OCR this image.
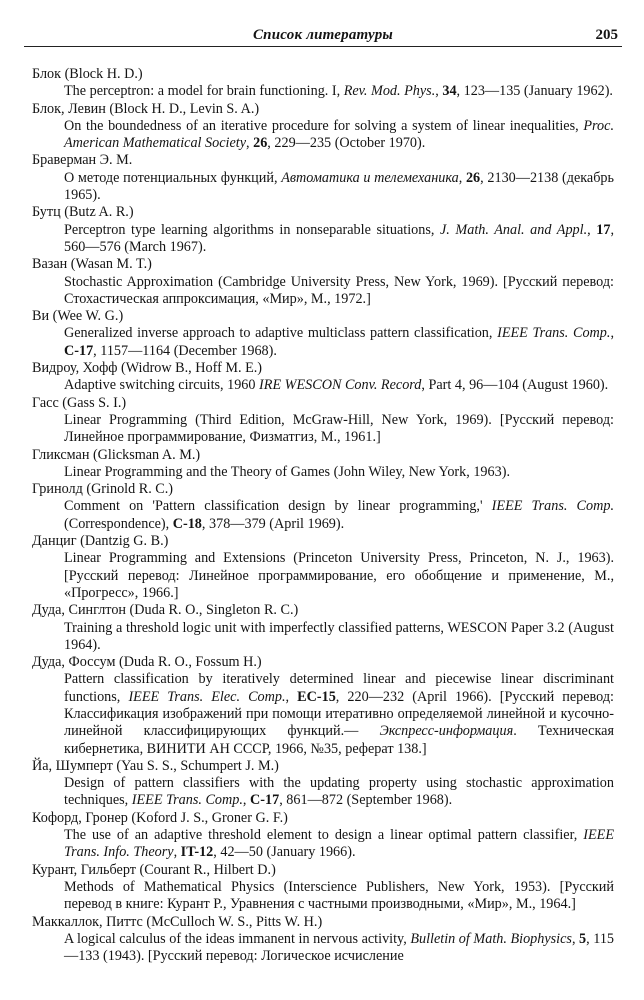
Список литературы	205
Блок (Block H. D.)
The perceptron: a model for brain functioning. I, Rev. Mod. Phys., 34, 123—135 (January 1962).
Блок, Левин (Block H. D., Levin S. A.)
On the boundedness of an iterative procedure for solving a system of linear inequalities, Proc. American Mathematical Society, 26, 229—235 (October 1970).
Браверман Э. М.
О методе потенциальных функций, Автоматика и телемеханика, 26, 2130—2138 (декабрь 1965).
Бутц (Butz A. R.)
Perceptron type learning algorithms in nonseparable situations, J. Math. Anal. and Appl., 17, 560—576 (March 1967).
Вазан (Wasan M. T.)
Stochastic Approximation (Cambridge University Press, New York, 1969). [Русский перевод: Стохастическая аппроксимация, «Мир», М., 1972.]
Ви (Wee W. G.)
Generalized inverse approach to adaptive multiclass pattern classification, IEEE Trans. Comp., C-17, 1157—1164 (December 1968).
Видроу, Хофф (Widrow B., Hoff M. E.)
Adaptive switching circuits, 1960 IRE WESCON Conv. Record, Part 4, 96—104 (August 1960).
Гасс (Gass S. I.)
Linear Programming (Third Edition, McGraw-Hill, New York, 1969). [Русский перевод: Линейное программирование, Физматгиз, М., 1961.]
Гликсман (Glicksman A. M.)
Linear Programming and the Theory of Games (John Wiley, New York, 1963).
Гринолд (Grinold R. C.)
Comment on 'Pattern classification design by linear programming,' IEEE Trans. Comp. (Correspondence), C-18, 378—379 (April 1969).
Данциг (Dantzig G. B.)
Linear Programming and Extensions (Princeton University Press, Princeton, N. J., 1963). [Русский перевод: Линейное программирование, его обобщение и применение, М., «Прогресс», 1966.]
Дуда, Синглтон (Duda R. O., Singleton R. C.)
Training a threshold logic unit with imperfectly classified patterns, WESCON Paper 3.2 (August 1964).
Дуда, Фоссум (Duda R. O., Fossum H.)
Pattern classification by iteratively determined linear and piecewise linear discriminant functions, IEEE Trans. Elec. Comp., EC-15, 220—232 (April 1966). [Русский перевод: Классификация изображений при помощи итеративно определяемой линейной и кусочно-линейной классифицирующих функций.— Экспресс-информация. Техническая кибернетика, ВИНИТИ АН СССР, 1966, №35, реферат 138.]
Йа, Шумперт (Yau S. S., Schumpert J. M.)
Design of pattern classifiers with the updating property using stochastic approximation techniques, IEEE Trans. Comp., C-17, 861—872 (September 1968).
Кофорд, Гронер (Koford J. S., Groner G. F.)
The use of an adaptive threshold element to design a linear optimal pattern classifier, IEEE Trans. Info. Theory, IT-12, 42—50 (January 1966).
Курант, Гильберт (Courant R., Hilbert D.)
Methods of Mathematical Physics (Interscience Publishers, New York, 1953). [Русский перевод в книге: Курант Р., Уравнения с частными производными, «Мир», М., 1964.]
Маккаллок, Питтс (McCulloch W. S., Pitts W. H.)
A logical calculus of the ideas immanent in nervous activity, Bulletin of Math. Biophysics, 5, 115—133 (1943). [Русский перевод: Логическое исчисление
